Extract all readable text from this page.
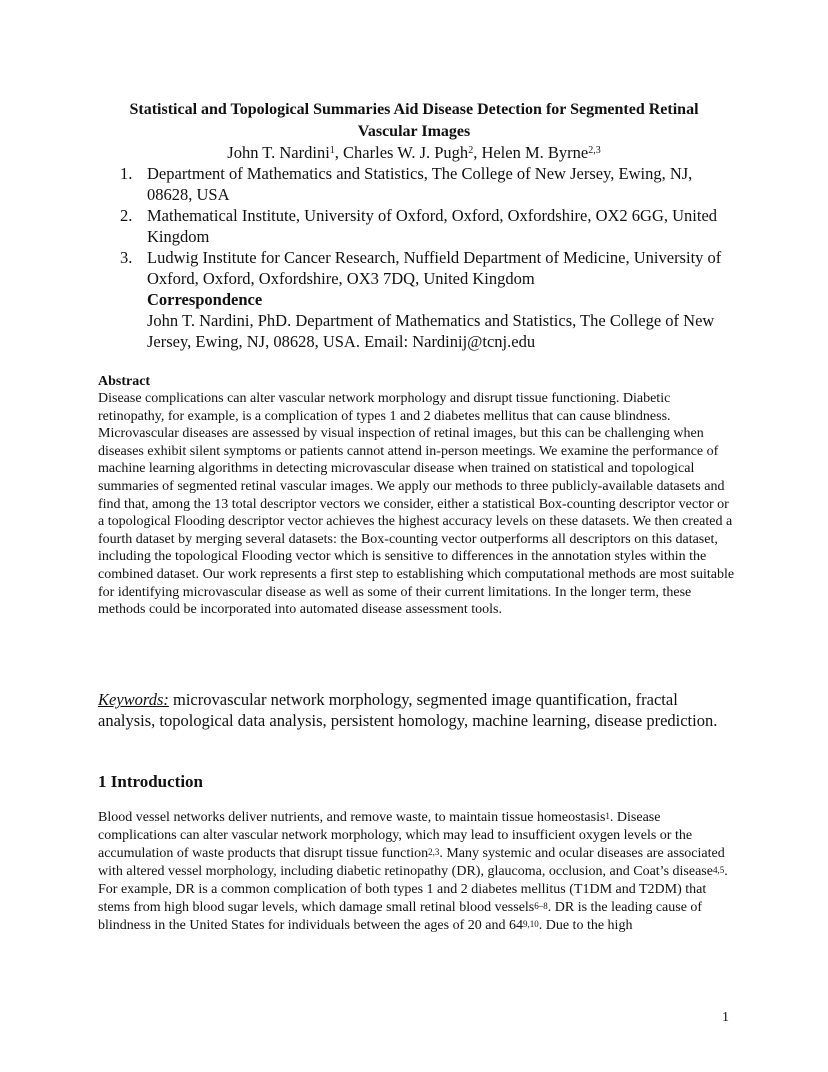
Statistical and Topological Summaries Aid Disease Detection for Segmented Retinal Vascular Images
John T. Nardini$^1$, Charles W. J. Pugh$^2$, Helen M. Byrne$^{2,3}$
1. Department of Mathematics and Statistics, The College of New Jersey, Ewing, NJ, 08628, USA
2. Mathematical Institute, University of Oxford, Oxford, Oxfordshire, OX2 6GG, United Kingdom
3. Ludwig Institute for Cancer Research, Nuffield Department of Medicine, University of Oxford, Oxford, Oxfordshire, OX3 7DQ, United Kingdom
Correspondence
John T. Nardini, PhD. Department of Mathematics and Statistics, The College of New Jersey, Ewing, NJ, 08628, USA. Email: Nardinij@tcnj.edu
Abstract
Disease complications can alter vascular network morphology and disrupt tissue functioning. Diabetic retinopathy, for example, is a complication of types 1 and 2 diabetes mellitus that can cause blindness. Microvascular diseases are assessed by visual inspection of retinal images, but this can be challenging when diseases exhibit silent symptoms or patients cannot attend in-person meetings. We examine the performance of machine learning algorithms in detecting microvascular disease when trained on statistical and topological summaries of segmented retinal vascular images. We apply our methods to three publicly-available datasets and find that, among the 13 total descriptor vectors we consider, either a statistical Box-counting descriptor vector or a topological Flooding descriptor vector achieves the highest accuracy levels on these datasets. We then created a fourth dataset by merging several datasets: the Box-counting vector outperforms all descriptors on this dataset, including the topological Flooding vector which is sensitive to differences in the annotation styles within the combined dataset. Our work represents a first step to establishing which computational methods are most suitable for identifying microvascular disease as well as some of their current limitations. In the longer term, these methods could be incorporated into automated disease assessment tools.
Keywords: microvascular network morphology, segmented image quantification, fractal analysis, topological data analysis, persistent homology, machine learning, disease prediction.
1 Introduction
Blood vessel networks deliver nutrients, and remove waste, to maintain tissue homeostasis$^1$. Disease complications can alter vascular network morphology, which may lead to insufficient oxygen levels or the accumulation of waste products that disrupt tissue function$^{2,3}$. Many systemic and ocular diseases are associated with altered vessel morphology, including diabetic retinopathy (DR), glaucoma, occlusion, and Coat’s disease$^{4,5}$. For example, DR is a common complication of both types 1 and 2 diabetes mellitus (T1DM and T2DM) that stems from high blood sugar levels, which damage small retinal blood vessels$^{6-8}$. DR is the leading cause of blindness in the United States for individuals between the ages of 20 and 64$^{9,10}$. Due to the high
1
